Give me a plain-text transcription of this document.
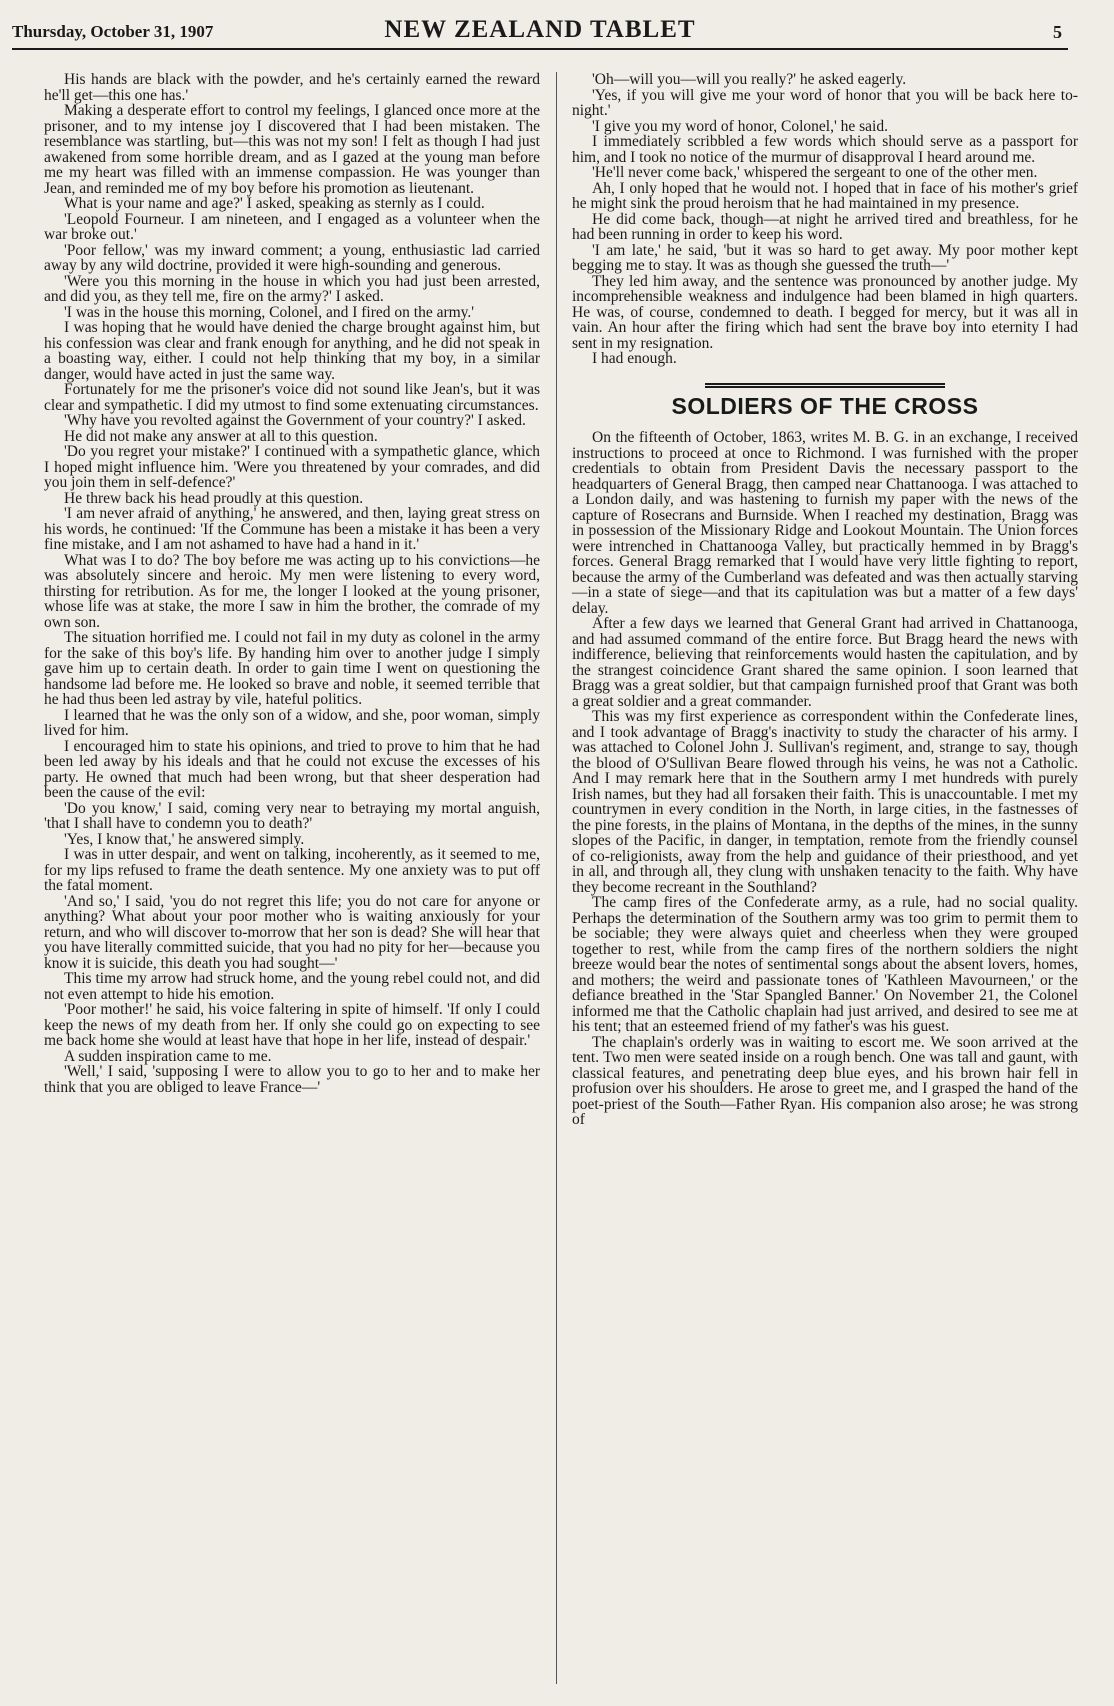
Thursday, October 31, 1907	NEW ZEALAND TABLET	5

His hands are black with the powder, and he's certainly earned the reward he'll get—this one has.'

Making a desperate effort to control my feelings, I glanced once more at the prisoner, and to my intense joy I discovered that I had been mistaken. The resemblance was startling, but—this was not my son! I felt as though I had just awakened from some horrible dream, and as I gazed at the young man before me my heart was filled with an immense compassion. He was younger than Jean, and reminded me of my boy before his promotion as lieutenant.

What is your name and age?' I asked, speaking as sternly as I could.

'Leopold Fourneur. I am nineteen, and I engaged as a volunteer when the war broke out.'

'Poor fellow,' was my inward comment; a young, enthusiastic lad carried away by any wild doctrine, provided it were high-sounding and generous.

'Were you this morning in the house in which you had just been arrested, and did you, as they tell me, fire on the army?' I asked.

'I was in the house this morning, Colonel, and I fired on the army.'

I was hoping that he would have denied the charge brought against him, but his confession was clear and frank enough for anything, and he did not speak in a boasting way, either. I could not help thinking that my boy, in a similar danger, would have acted in just the same way.

Fortunately for me the prisoner's voice did not sound like Jean's, but it was clear and sympathetic. I did my utmost to find some extenuating circumstances.

'Why have you revolted against the Government of your country?' I asked.

He did not make any answer at all to this question.

'Do you regret your mistake?' I continued with a sympathetic glance, which I hoped might influence him. 'Were you threatened by your comrades, and did you join them in self-defence?'

He threw back his head proudly at this question.

'I am never afraid of anything,' he answered, and then, laying great stress on his words, he continued: 'If the Commune has been a mistake it has been a very fine mistake, and I am not ashamed to have had a hand in it.'

What was I to do? The boy before me was acting up to his convictions—he was absolutely sincere and heroic. My men were listening to every word, thirsting for retribution. As for me, the longer I looked at the young prisoner, whose life was at stake, the more I saw in him the brother, the comrade of my own son.

The situation horrified me. I could not fail in my duty as colonel in the army for the sake of this boy's life. By handing him over to another judge I simply gave him up to certain death. In order to gain time I went on questioning the handsome lad before me. He looked so brave and noble, it seemed terrible that he had thus been led astray by vile, hateful politics.

I learned that he was the only son of a widow, and she, poor woman, simply lived for him.

I encouraged him to state his opinions, and tried to prove to him that he had been led away by his ideals and that he could not excuse the excesses of his party. He owned that much had been wrong, but that sheer desperation had been the cause of the evil:

'Do you know,' I said, coming very near to betraying my mortal anguish, 'that I shall have to condemn you to death?'

'Yes, I know that,' he answered simply.

I was in utter despair, and went on talking, incoherently, as it seemed to me, for my lips refused to frame the death sentence. My one anxiety was to put off the fatal moment.

'And so,' I said, 'you do not regret this life; you do not care for anyone or anything? What about your poor mother who is waiting anxiously for your return, and who will discover to-morrow that her son is dead? She will hear that you have literally committed suicide, that you had no pity for her—because you know it is suicide, this death you had sought—'

This time my arrow had struck home, and the young rebel could not, and did not even attempt to hide his emotion.

'Poor mother!' he said, his voice faltering in spite of himself. 'If only I could keep the news of my death from her. If only she could go on expecting to see me back home she would at least have that hope in her life, instead of despair.'

A sudden inspiration came to me.

'Well,' I said, 'supposing I were to allow you to go to her and to make her think that you are obliged to leave France—'

'Oh—will you—will you really?' he asked eagerly.

'Yes, if you will give me your word of honor that you will be back here to-night.'

'I give you my word of honor, Colonel,' he said.

I immediately scribbled a few words which should serve as a passport for him, and I took no notice of the murmur of disapproval I heard around me.

'He'll never come back,' whispered the sergeant to one of the other men.

Ah, I only hoped that he would not. I hoped that in face of his mother's grief he might sink the proud heroism that he had maintained in my presence.

He did come back, though—at night he arrived tired and breathless, for he had been running in order to keep his word.

'I am late,' he said, 'but it was so hard to get away. My poor mother kept begging me to stay. It was as though she guessed the truth—'

They led him away, and the sentence was pronounced by another judge. My incomprehensible weakness and indulgence had been blamed in high quarters. He was, of course, condemned to death. I begged for mercy, but it was all in vain. An hour after the firing which had sent the brave boy into eternity I had sent in my resignation.

I had enough.

SOLDIERS OF THE CROSS

On the fifteenth of October, 1863, writes M. B. G. in an exchange, I received instructions to proceed at once to Richmond. I was furnished with the proper credentials to obtain from President Davis the necessary passport to the headquarters of General Bragg, then camped near Chattanooga. I was attached to a London daily, and was hastening to furnish my paper with the news of the capture of Rosecrans and Burnside. When I reached my destination, Bragg was in possession of the Missionary Ridge and Lookout Mountain. The Union forces were intrenched in Chattanooga Valley, but practically hemmed in by Bragg's forces. General Bragg remarked that I would have very little fighting to report, because the army of the Cumberland was defeated and was then actually starving—in a state of siege—and that its capitulation was but a matter of a few days' delay.

After a few days we learned that General Grant had arrived in Chattanooga, and had assumed command of the entire force. But Bragg heard the news with indifference, believing that reinforcements would hasten the capitulation, and by the strangest coincidence Grant shared the same opinion. I soon learned that Bragg was a great soldier, but that campaign furnished proof that Grant was both a great soldier and a great commander.

This was my first experience as correspondent within the Confederate lines, and I took advantage of Bragg's inactivity to study the character of his army. I was attached to Colonel John J. Sullivan's regiment, and, strange to say, though the blood of O'Sullivan Beare flowed through his veins, he was not a Catholic. And I may remark here that in the Southern army I met hundreds with purely Irish names, but they had all forsaken their faith. This is unaccountable. I met my countrymen in every condition in the North, in large cities, in the fastnesses of the pine forests, in the plains of Montana, in the depths of the mines, in the sunny slopes of the Pacific, in danger, in temptation, remote from the friendly counsel of co-religionists, away from the help and guidance of their priesthood, and yet in all, and through all, they clung with unshaken tenacity to the faith. Why have they become recreant in the Southland?

The camp fires of the Confederate army, as a rule, had no social quality. Perhaps the determination of the Southern army was too grim to permit them to be sociable; they were always quiet and cheerless when they were grouped together to rest, while from the camp fires of the northern soldiers the night breeze would bear the notes of sentimental songs about the absent lovers, homes, and mothers; the weird and passionate tones of 'Kathleen Mavourneen,' or the defiance breathed in the 'Star Spangled Banner.' On November 21, the Colonel informed me that the Catholic chaplain had just arrived, and desired to see me at his tent; that an esteemed friend of my father's was his guest.

The chaplain's orderly was in waiting to escort me. We soon arrived at the tent. Two men were seated inside on a rough bench. One was tall and gaunt, with classical features, and penetrating deep blue eyes, and his brown hair fell in profusion over his shoulders. He arose to greet me, and I grasped the hand of the poet-priest of the South—Father Ryan. His companion also arose; he was strong of
